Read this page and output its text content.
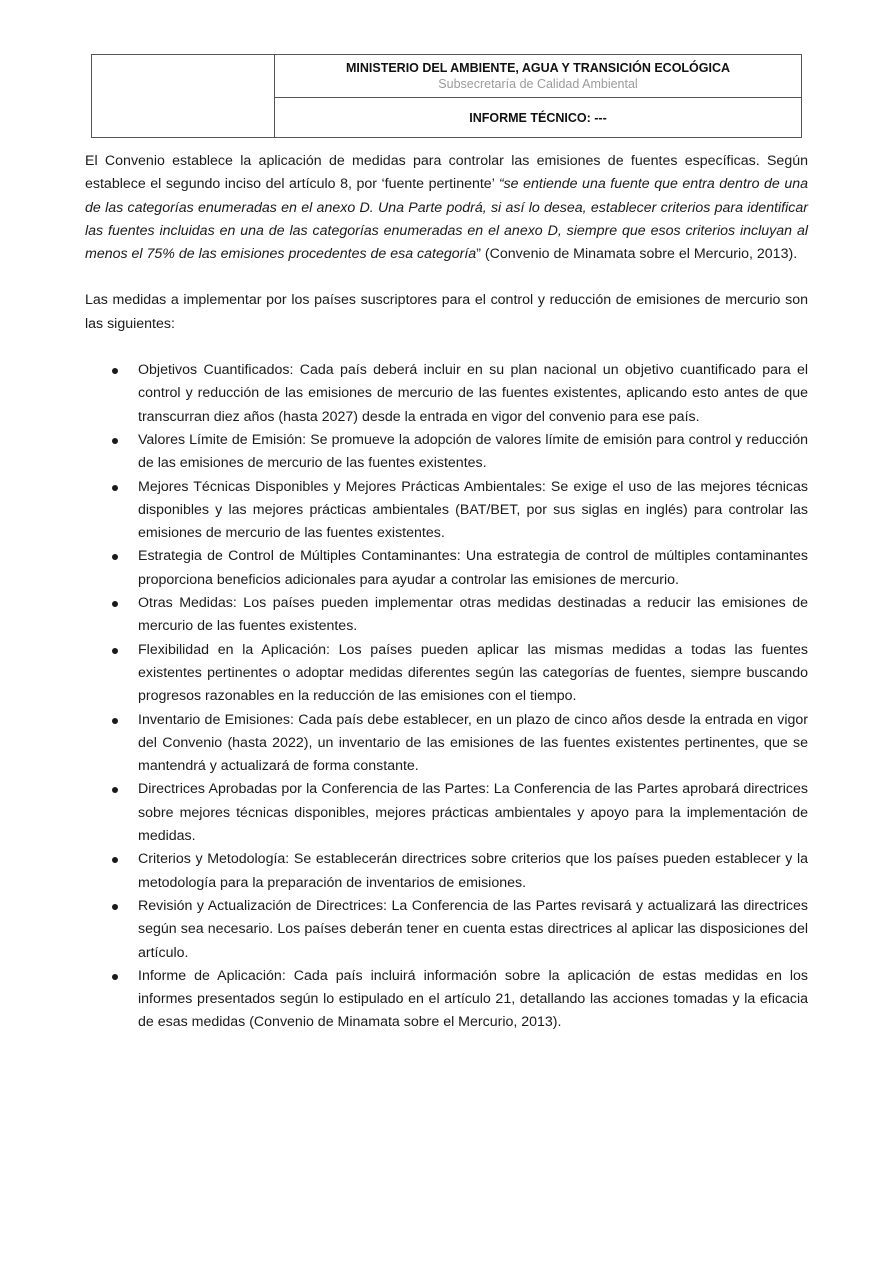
MINISTERIO DEL AMBIENTE, AGUA Y TRANSICIÓN ECOLÓGICA
Subsecretaría de Calidad Ambiental
INFORME TÉCNICO: ---

El Convenio establece la aplicación de medidas para controlar las emisiones de fuentes específicas. Según establece el segundo inciso del artículo 8, por ‘fuente pertinente’ “se entiende una fuente que entra dentro de una de las categorías enumeradas en el anexo D. Una Parte podrá, si así lo desea, establecer criterios para identificar las fuentes incluidas en una de las categorías enumeradas en el anexo D, siempre que esos criterios incluyan al menos el 75% de las emisiones procedentes de esa categoría” (Convenio de Minamata sobre el Mercurio, 2013).

Las medidas a implementar por los países suscriptores para el control y reducción de emisiones de mercurio son las siguientes:

Objetivos Cuantificados: Cada país deberá incluir en su plan nacional un objetivo cuantificado para el control y reducción de las emisiones de mercurio de las fuentes existentes, aplicando esto antes de que transcurran diez años (hasta 2027) desde la entrada en vigor del convenio para ese país.
Valores Límite de Emisión: Se promueve la adopción de valores límite de emisión para control y reducción de las emisiones de mercurio de las fuentes existentes.
Mejores Técnicas Disponibles y Mejores Prácticas Ambientales: Se exige el uso de las mejores técnicas disponibles y las mejores prácticas ambientales (BAT/BET, por sus siglas en inglés) para controlar las emisiones de mercurio de las fuentes existentes.
Estrategia de Control de Múltiples Contaminantes: Una estrategia de control de múltiples contaminantes proporciona beneficios adicionales para ayudar a controlar las emisiones de mercurio.
Otras Medidas: Los países pueden implementar otras medidas destinadas a reducir las emisiones de mercurio de las fuentes existentes.
Flexibilidad en la Aplicación: Los países pueden aplicar las mismas medidas a todas las fuentes existentes pertinentes o adoptar medidas diferentes según las categorías de fuentes, siempre buscando progresos razonables en la reducción de las emisiones con el tiempo.
Inventario de Emisiones: Cada país debe establecer, en un plazo de cinco años desde la entrada en vigor del Convenio (hasta 2022), un inventario de las emisiones de las fuentes existentes pertinentes, que se mantendrá y actualizará de forma constante.
Directrices Aprobadas por la Conferencia de las Partes: La Conferencia de las Partes aprobará directrices sobre mejores técnicas disponibles, mejores prácticas ambientales y apoyo para la implementación de medidas.
Criterios y Metodología: Se establecerán directrices sobre criterios que los países pueden establecer y la metodología para la preparación de inventarios de emisiones.
Revisión y Actualización de Directrices: La Conferencia de las Partes revisará y actualizará las directrices según sea necesario. Los países deberán tener en cuenta estas directrices al aplicar las disposiciones del artículo.
Informe de Aplicación: Cada país incluirá información sobre la aplicación de estas medidas en los informes presentados según lo estipulado en el artículo 21, detallando las acciones tomadas y la eficacia de esas medidas (Convenio de Minamata sobre el Mercurio, 2013).
